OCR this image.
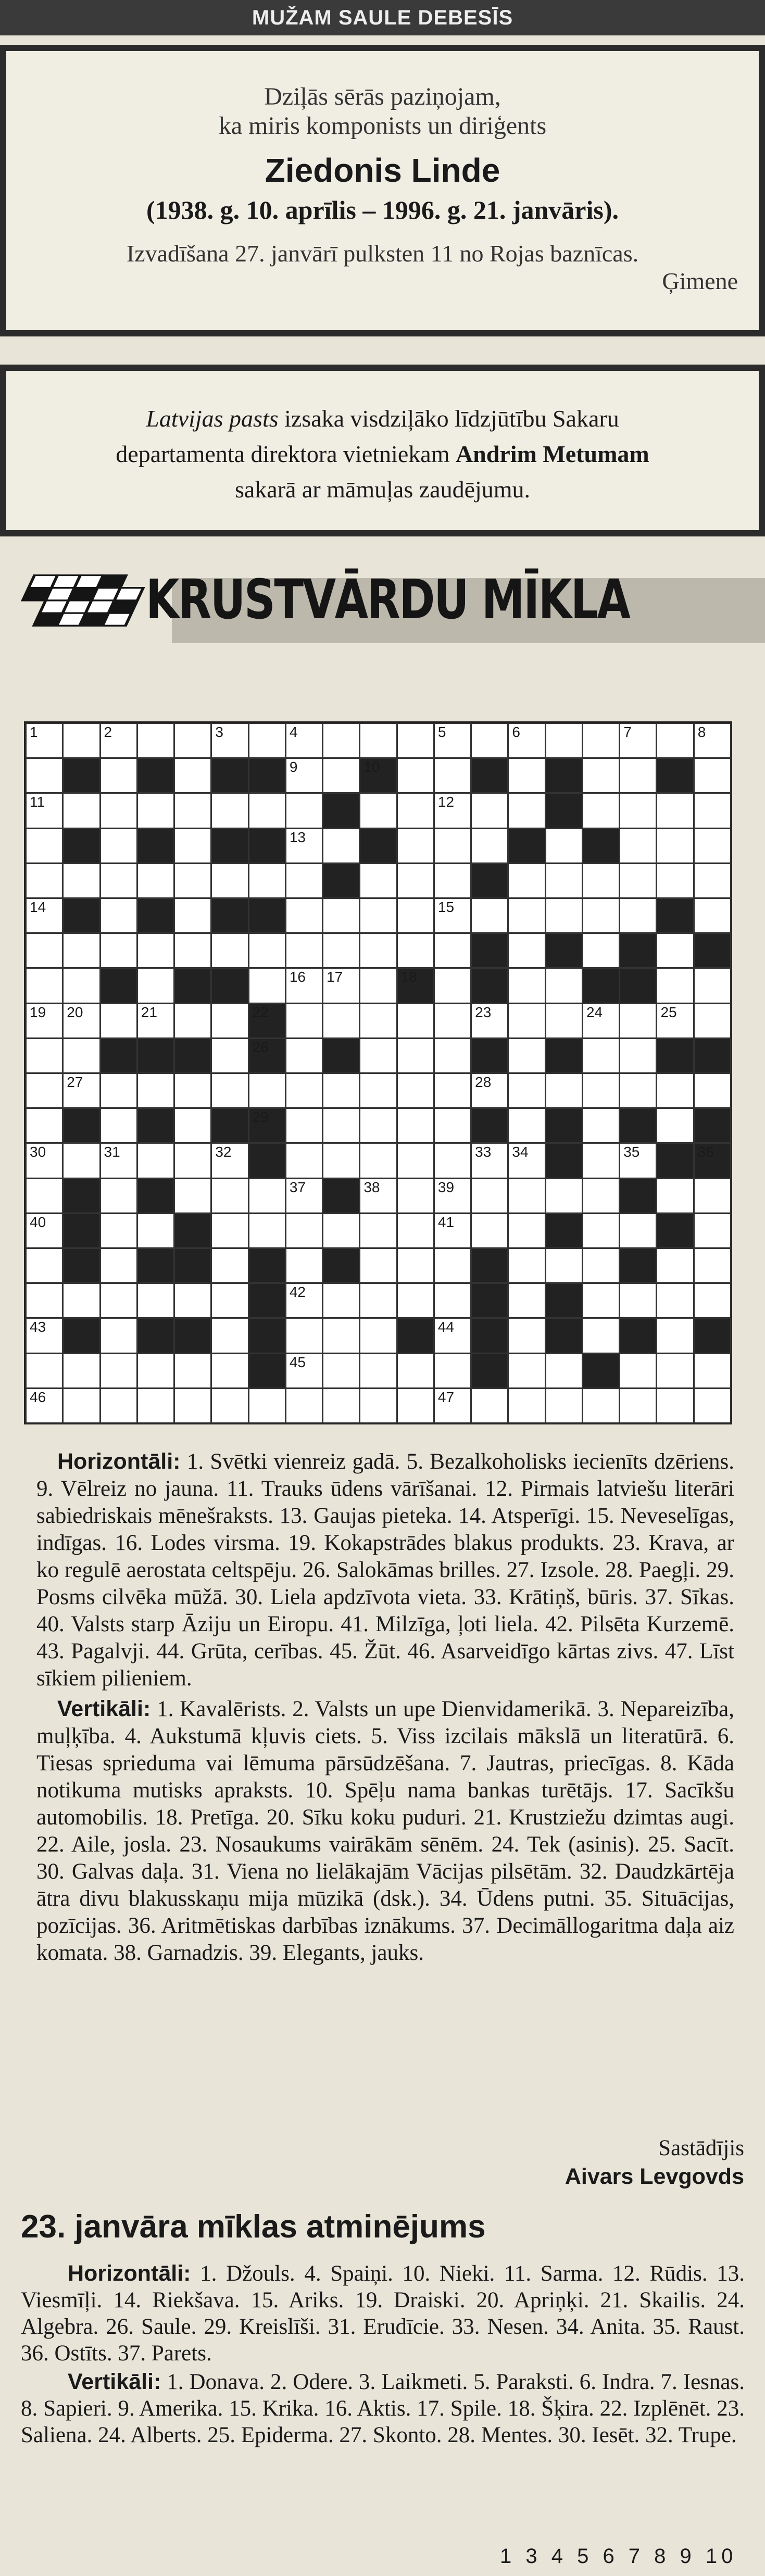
MUŽAM SAULE DEBESĪS

Dziļās sērās paziņojam,

ka miris komponists un diriģents

Ziedonis Linde

(1938. g. 10. aprīlis – 1996. g. 21. janvāris).

Izvadīšana 27. janvārī pulksten 11 no Rojas baznīcas.

Ģimene

Latvijas pasts izsaka visdziļāko līdzjūtību Sakaru

departamenta direktora vietniekam Andrim Metumam

sakarā ar māmuļas zaudējumu.

KRUSTVĀRDU MĪKLA
1	2	3	4	5	6	7	8
9	10
11	12
13
14	15
16 17	18
19 20	21	22	23	24	25
26
27	28
29
30	31	32	33 34	35	36
37	38	39
40	41
42
43	44
45
46	47

Horizontāli: 1. Svētki vienreiz gadā. 5. Bezalkoholisks iecienīts dzēriens. 9. Vēlreiz no jauna. 11. Trauks ūdens vārīšanai. 12. Pirmais latviešu literāri sabiedriskais mēnešraksts. 13. Gaujas pieteka. 14. Atsperīgi. 15. Neveselīgas, indīgas. 16. Lodes virsma. 19. Kokapstrādes blakus produkts. 23. Krava, ar ko regulē aerostata celtspēju. 26. Salokāmas brilles. 27. Izsole. 28. Paegļi. 29. Posms cilvēka mūžā. 30. Liela apdzīvota vieta. 33. Krātiņš, būris. 37. Sīkas. 40. Valsts starp Āziju un Eiropu. 41. Milzīga, ļoti liela. 42. Pilsēta Kurzemē. 43. Pagalvji. 44. Grūta, cerības. 45. Žūt. 46. Asarveidīgo kārtas zivs. 47. Līst sīkiem pilieniem.

Vertikāli: 1. Kavalērists. 2. Valsts un upe Dienvidamerikā. 3. Nepareizība, muļķība. 4. Aukstumā kļuvis ciets. 5. Viss izcilais mākslā un literatūrā. 6. Tiesas sprieduma vai lēmuma pārsūdzēšana. 7. Jautras, priecīgas. 8. Kāda notikuma mutisks apraksts. 10. Spēļu nama bankas turētājs. 17. Sacīkšu automobilis. 18. Pretīga. 20. Sīku koku puduri. 21. Krustziežu dzimtas augi. 22. Aile, josla. 23. Nosaukums vairākām sēnēm. 24. Tek (asinis). 25. Sacīt. 30. Galvas daļa. 31. Viena no lielākajām Vācijas pilsētām. 32. Daudzkārtēja ātra divu blakusskaņu mija mūzikā (dsk.). 34. Ūdens putni. 35. Situācijas, pozīcijas. 36. Aritmētiskas darbības iznākums. 37. Decimāllogaritma daļa aiz komata. 38. Garnadzis. 39. Elegants, jauks.

Sastādījis
Aivars Levgovds
23. janvāra mīklas atminējums

Horizontāli: 1. Džouls. 4. Spaiņi. 10. Nieki. 11. Sarma. 12. Rūdis. 13. Viesmīļi. 14. Riekšava. 15. Ariks. 19. Draiski. 20. Apriņķi. 21. Skailis. 24. Algebra. 26. Saule. 29. Kreislīši. 31. Erudīcie. 33. Nesen. 34. Anita. 35. Raust. 36. Ostīts. 37. Parets.

Vertikāli: 1. Donava. 2. Odere. 3. Laikmeti. 5. Paraksti. 6. Indra. 7. Iesnas. 8. Sapieri. 9. Amerika. 15. Krika. 16. Aktis. 17. Spile. 18. Šķira. 22. Izplēnēt. 23. Saliena. 24. Alberts. 25. Epiderma. 27. Skonto. 28. Mentes. 30. Iesēt. 32. Trupe.

1 3 4 5 6 7 8 9 10
